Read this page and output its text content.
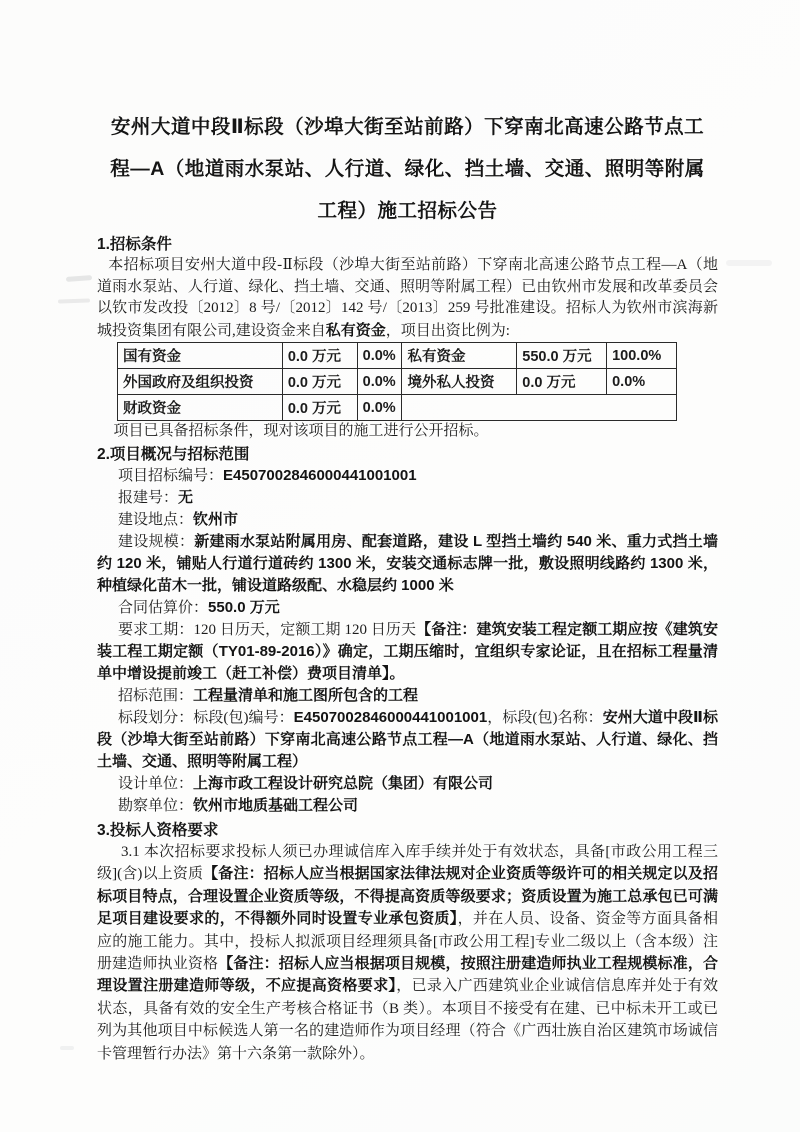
安州大道中段Ⅱ标段（沙埠大街至站前路）下穿南北高速公路节点工
程—A（地道雨水泵站、人行道、绿化、挡土墙、交通、照明等附属
工程）施工招标公告
1.招标条件

本招标项目安州大道中段-Ⅱ标段（沙埠大街至站前路）下穿南北高速公路节点工程—A（地道雨水泵站、人行道、绿化、挡土墙、交通、照明等附属工程）已由钦州市发展和改革委员会以钦市发改投〔2012〕8 号/〔2012〕142 号/〔2013〕259 号批准建设。招标人为钦州市滨海新城投资集团有限公司,建设资金来自私有资金，项目出资比例为:

国有资金	0.0 万元	0.0%	私有资金	550.0 万元	100.0%
外国政府及组织投资	0.0 万元	0.0%	境外私人投资	0.0 万元	0.0%
财政资金	0.0 万元	0.0%			

项目已具备招标条件，现对该项目的施工进行公开招标。

2.项目概况与招标范围
项目招标编号：E4507002846000441001001
报建号：无
建设地点：钦州市
建设规模：新建雨水泵站附属用房、配套道路，建设 L 型挡土墙约 540 米、重力式挡土墙约 120 米，铺贴人行道行道砖约 1300 米，安装交通标志牌一批，敷设照明线路约 1300 米，种植绿化苗木一批，铺设道路级配、水稳层约 1000 米
合同估算价：550.0 万元
要求工期：120 日历天，定额工期 120 日历天【备注：建筑安装工程定额工期应按《建筑安装工程工期定额（TY01-89-2016）》确定，工期压缩时，宜组织专家论证，且在招标工程量清单中增设提前竣工（赶工补偿）费项目清单】。
招标范围：工程量清单和施工图所包含的工程
标段划分：标段(包)编号：E4507002846000441001001，标段(包)名称：安州大道中段Ⅱ标段（沙埠大街至站前路）下穿南北高速公路节点工程—A（地道雨水泵站、人行道、绿化、挡土墙、交通、照明等附属工程）
设计单位：上海市政工程设计研究总院（集团）有限公司
勘察单位：钦州市地质基础工程公司
3.投标人资格要求

3.1 本次招标要求投标人须已办理诚信库入库手续并处于有效状态，具备[市政公用工程三级](含)以上资质【备注：招标人应当根据国家法律法规对企业资质等级许可的相关规定以及招标项目特点，合理设置企业资质等级，不得提高资质等级要求；资质设置为施工总承包已可满足项目建设要求的，不得额外同时设置专业承包资质】，并在人员、设备、资金等方面具备相应的施工能力。其中，投标人拟派项目经理须具备[市政公用工程]专业二级以上（含本级）注册建造师执业资格【备注：招标人应当根据项目规模，按照注册建造师执业工程规模标准，合理设置注册建造师等级，不应提高资格要求】，已录入广西建筑业企业诚信信息库并处于有效状态，具备有效的安全生产考核合格证书（B 类）。本项目不接受有在建、已中标未开工或已列为其他项目中标候选人第一名的建造师作为项目经理（符合《广西壮族自治区建筑市场诚信卡管理暂行办法》第十六条第一款除外）。
